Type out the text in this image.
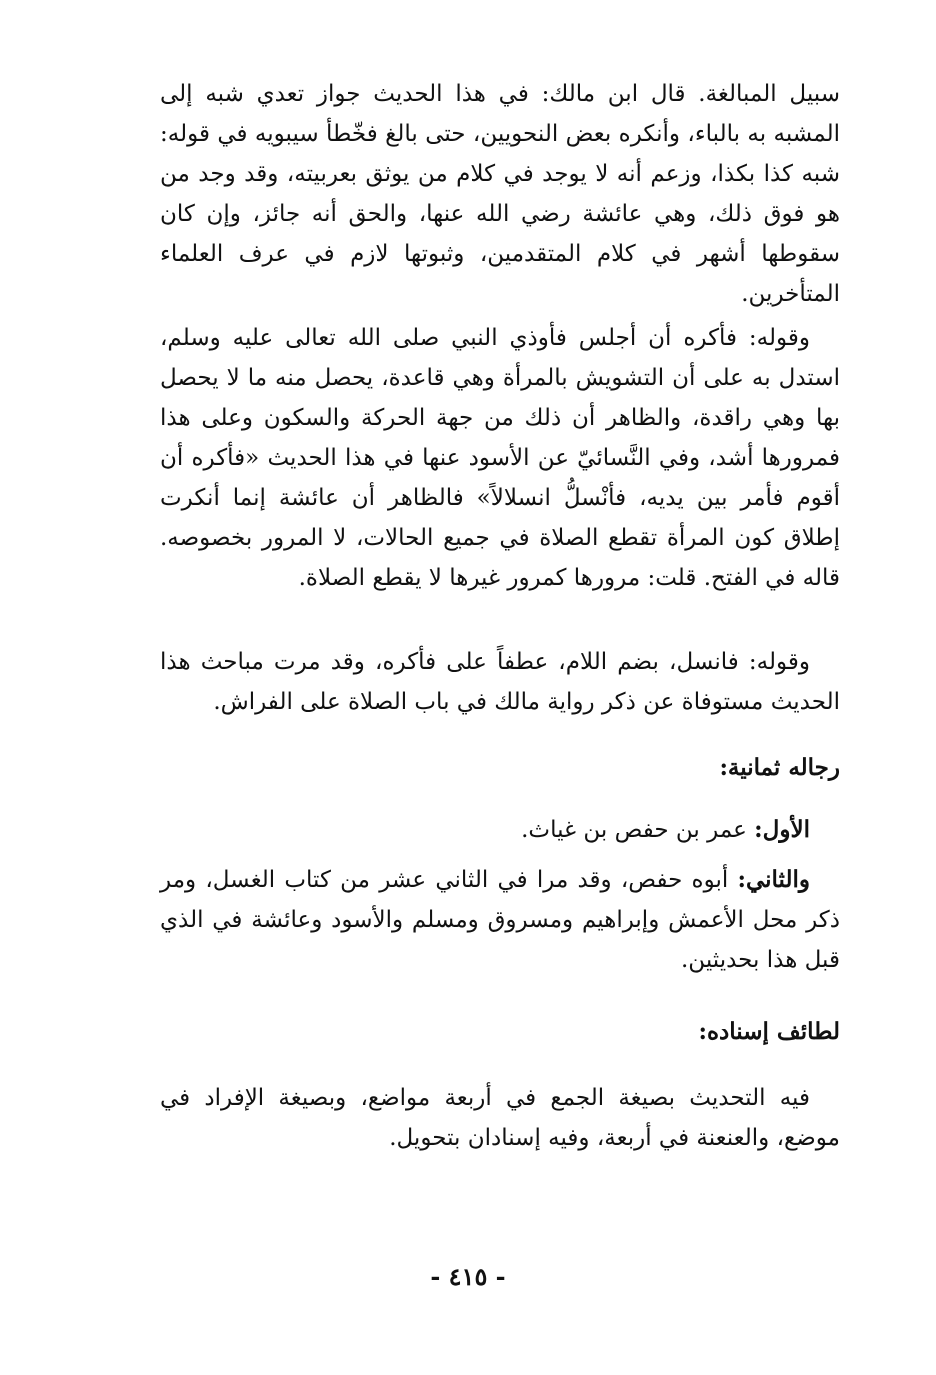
سبيل المبالغة. قال ابن مالك: في هذا الحديث جواز تعدي شبه إلى المشبه به بالباء، وأنكره بعض النحويين، حتى بالغ فخّطأ سيبويه في قوله: شبه كذا بكذا، وزعم أنه لا يوجد في كلام من يوثق بعربيته، وقد وجد من هو فوق ذلك، وهي عائشة رضي الله عنها، والحق أنه جائز، وإن كان سقوطها أشهر في كلام المتقدمين، وثبوتها لازم في عرف العلماء المتأخرين.

وقوله: فأكره أن أجلس فأوذي النبي صلى الله تعالى عليه وسلم، استدل به على أن التشويش بالمرأة وهي قاعدة، يحصل منه ما لا يحصل بها وهي راقدة، والظاهر أن ذلك من جهة الحركة والسكون وعلى هذا فمرورها أشد، وفي النَّسائيّ عن الأسود عنها في هذا الحديث «فأكره أن أقوم فأمر بين يديه، فأنْسلُّ انسلالاً» فالظاهر أن عائشة إنما أنكرت إطلاق كون المرأة تقطع الصلاة في جميع الحالات، لا المرور بخصوصه. قاله في الفتح. قلت: مرورها كمرور غيرها لا يقطع الصلاة.

وقوله: فانسل، بضم اللام، عطفاً على فأكره، وقد مرت مباحث هذا الحديث مستوفاة عن ذكر رواية مالك في باب الصلاة على الفراش.

رجاله ثمانية:

الأول: عمر بن حفص بن غياث.

والثاني: أبوه حفص، وقد مرا في الثاني عشر من كتاب الغسل، ومر ذكر محل الأعمش وإبراهيم ومسروق ومسلم والأسود وعائشة في الذي قبل هذا بحديثين.

لطائف إسناده:

فيه التحديث بصيغة الجمع في أربعة مواضع، وبصيغة الإفراد في موضع، والعنعنة في أربعة، وفيه إسنادان بتحويل.

- ٤١٥ -
